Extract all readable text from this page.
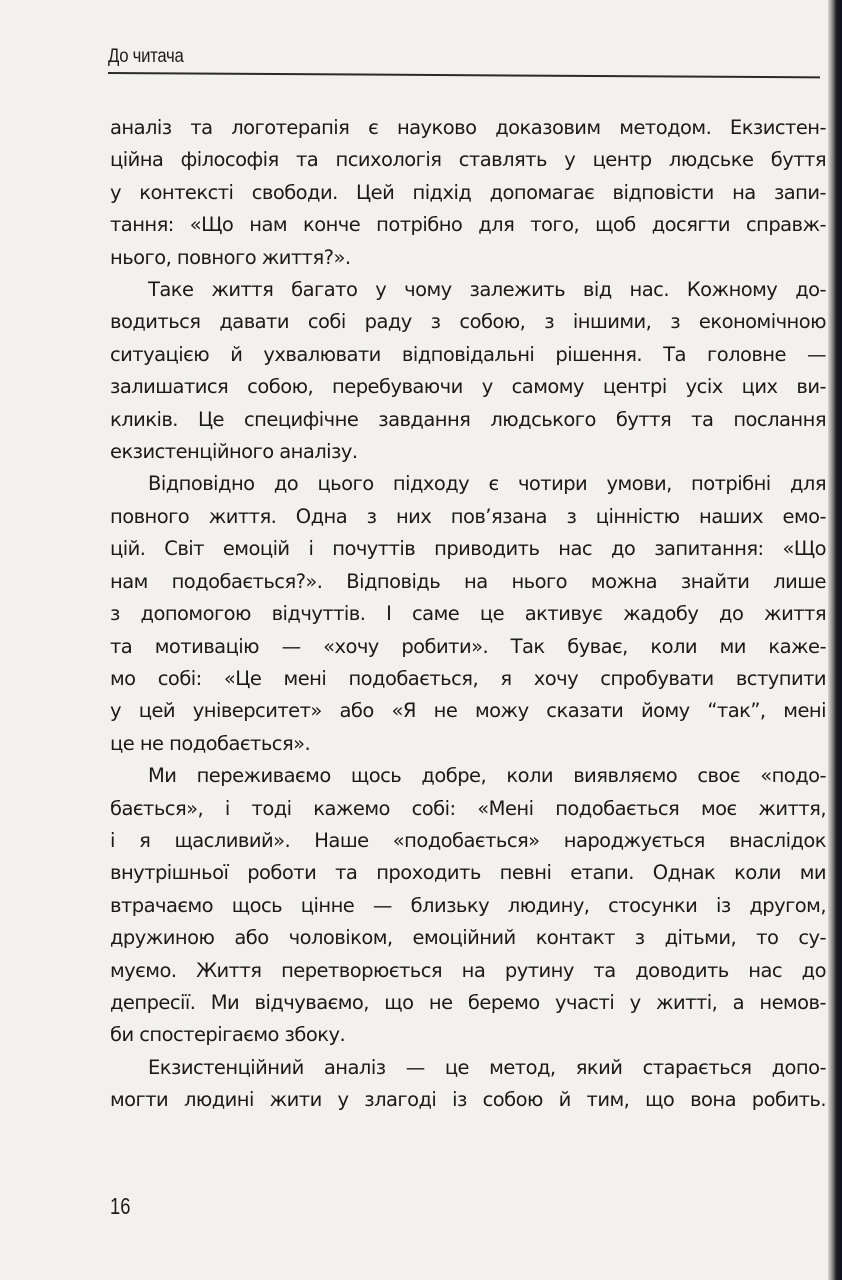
До читача

аналіз та логотерапія є науково доказовим методом. Екзистен-
ційна філософія та психологія ставлять у центр людське буття
у контексті свободи. Цей підхід допомагає відповісти на запи-
тання: «Що нам конче потрібно для того, щоб досягти справж-
нього, повного життя?».

Таке життя багато у чому залежить від нас. Кожному до-
водиться давати собі раду з собою, з іншими, з економічною
ситуацією й ухвалювати відповідальні рішення. Та головне —
залишатися собою, перебуваючи у самому центрі усіх цих ви-
кликів. Це специфічне завдання людського буття та послання
екзистенційного аналізу.

Відповідно до цього підходу є чотири умови, потрібні для
повного життя. Одна з них пов’язана з цінністю наших емо-
цій. Світ емоцій і почуттів приводить нас до запитання: «Що
нам подобається?». Відповідь на нього можна знайти лише
з допомогою відчуттів. І саме це активує жадобу до життя
та мотивацію — «хочу робити». Так буває, коли ми каже-
мо собі: «Це мені подобається, я хочу спробувати вступити
у цей університет» або «Я не можу сказати йому “так”, мені
це не подобається».

Ми переживаємо щось добре, коли виявляємо своє «подо-
бається», і тоді кажемо собі: «Мені подобається моє життя,
і я щасливий». Наше «подобається» народжується внаслідок
внутрішньої роботи та проходить певні етапи. Однак коли ми
втрачаємо щось цінне — близьку людину, стосунки із другом,
дружиною або чоловіком, емоційний контакт з дітьми, то су-
муємо. Життя перетворюється на рутину та доводить нас до
депресії. Ми відчуваємо, що не беремо участі у житті, а немов-
би спостерігаємо збоку.

Екзистенційний аналіз — це метод, який старається допо-
могти людині жити у злагоді із собою й тим, що вона робить.

16
